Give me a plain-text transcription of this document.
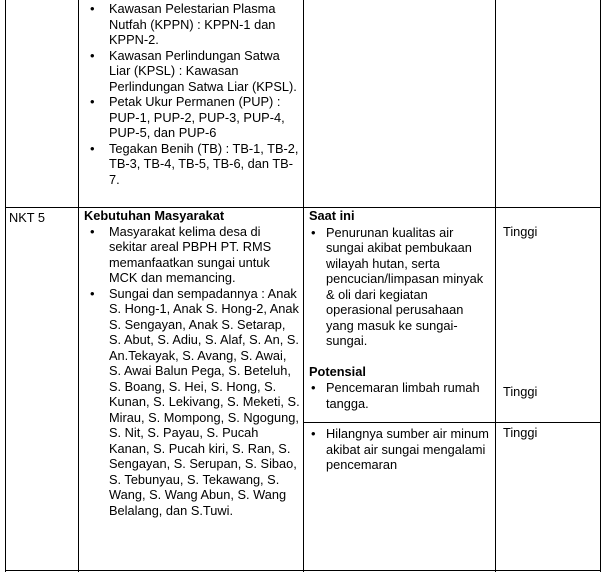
• Kawasan Pelestarian Plasma Nutfah (KPPN) : KPPN-1 dan KPPN-2.
• Kawasan Perlindungan Satwa Liar (KPSL) : Kawasan Perlindungan Satwa Liar (KPSL).
• Petak Ukur Permanen (PUP) : PUP-1, PUP-2, PUP-3, PUP-4, PUP-5, dan PUP-6
• Tegakan Benih (TB) : TB-1, TB-2, TB-3, TB-4, TB-5, TB-6, dan TB-7.
NKT 5	Kebutuhan Masyarakat
• Masyarakat kelima desa di sekitar areal PBPH PT. RMS memanfaatkan sungai untuk MCK dan memancing.
• Sungai dan sempadannya : Anak S. Hong-1, Anak S. Hong-2, Anak S. Sengayan, Anak S. Setarap, S. Abut, S. Adiu, S. Alaf, S. An, S. An.Tekayak, S. Avang, S. Awai, S. Awai Balun Pega, S. Beteluh, S. Boang, S. Hei, S. Hong, S. Kunan, S. Lekivang, S. Meketi, S. Mirau, S. Mompong, S. Ngogung, S. Nit, S. Payau, S. Pucah Kanan, S. Pucah kiri, S. Ran, S. Sengayan, S. Serupan, S. Sibao, S. Tebunyau, S. Tekawang, S. Wang, S. Wang Abun, S. Wang Belalang, dan S.Tuwi.
Saat ini
• Penurunan kualitas air sungai akibat pembukaan wilayah hutan, serta pencucian/limpasan minyak & oli dari kegiatan operasional perusahaan yang masuk ke sungai-sungai.
Potensial
• Pencemaran limbah rumah tangga.
• Hilangnya sumber air minum akibat air sungai mengalami pencemaran
Tinggi
Tinggi
Tinggi
